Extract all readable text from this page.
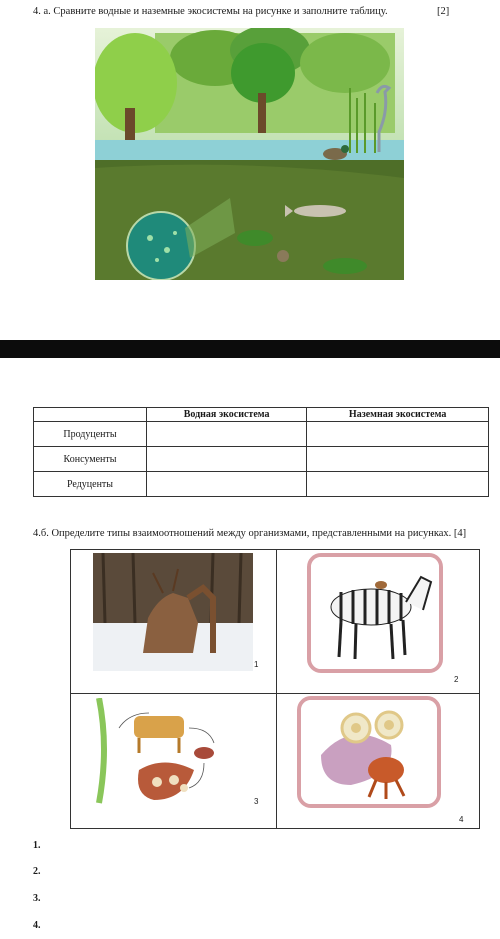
4. а. Сравните водные и наземные экосистемы на рисунке и заполните таблицу.	[2]
	Водная экосистема	Наземная экосистема
Продуценты		
Консументы		
Редуценты		
4.б. Определите типы взаимоотношений между организмами, представленными на рисунках. [4]
1
2
3
4
1.
2.
3.
4.
